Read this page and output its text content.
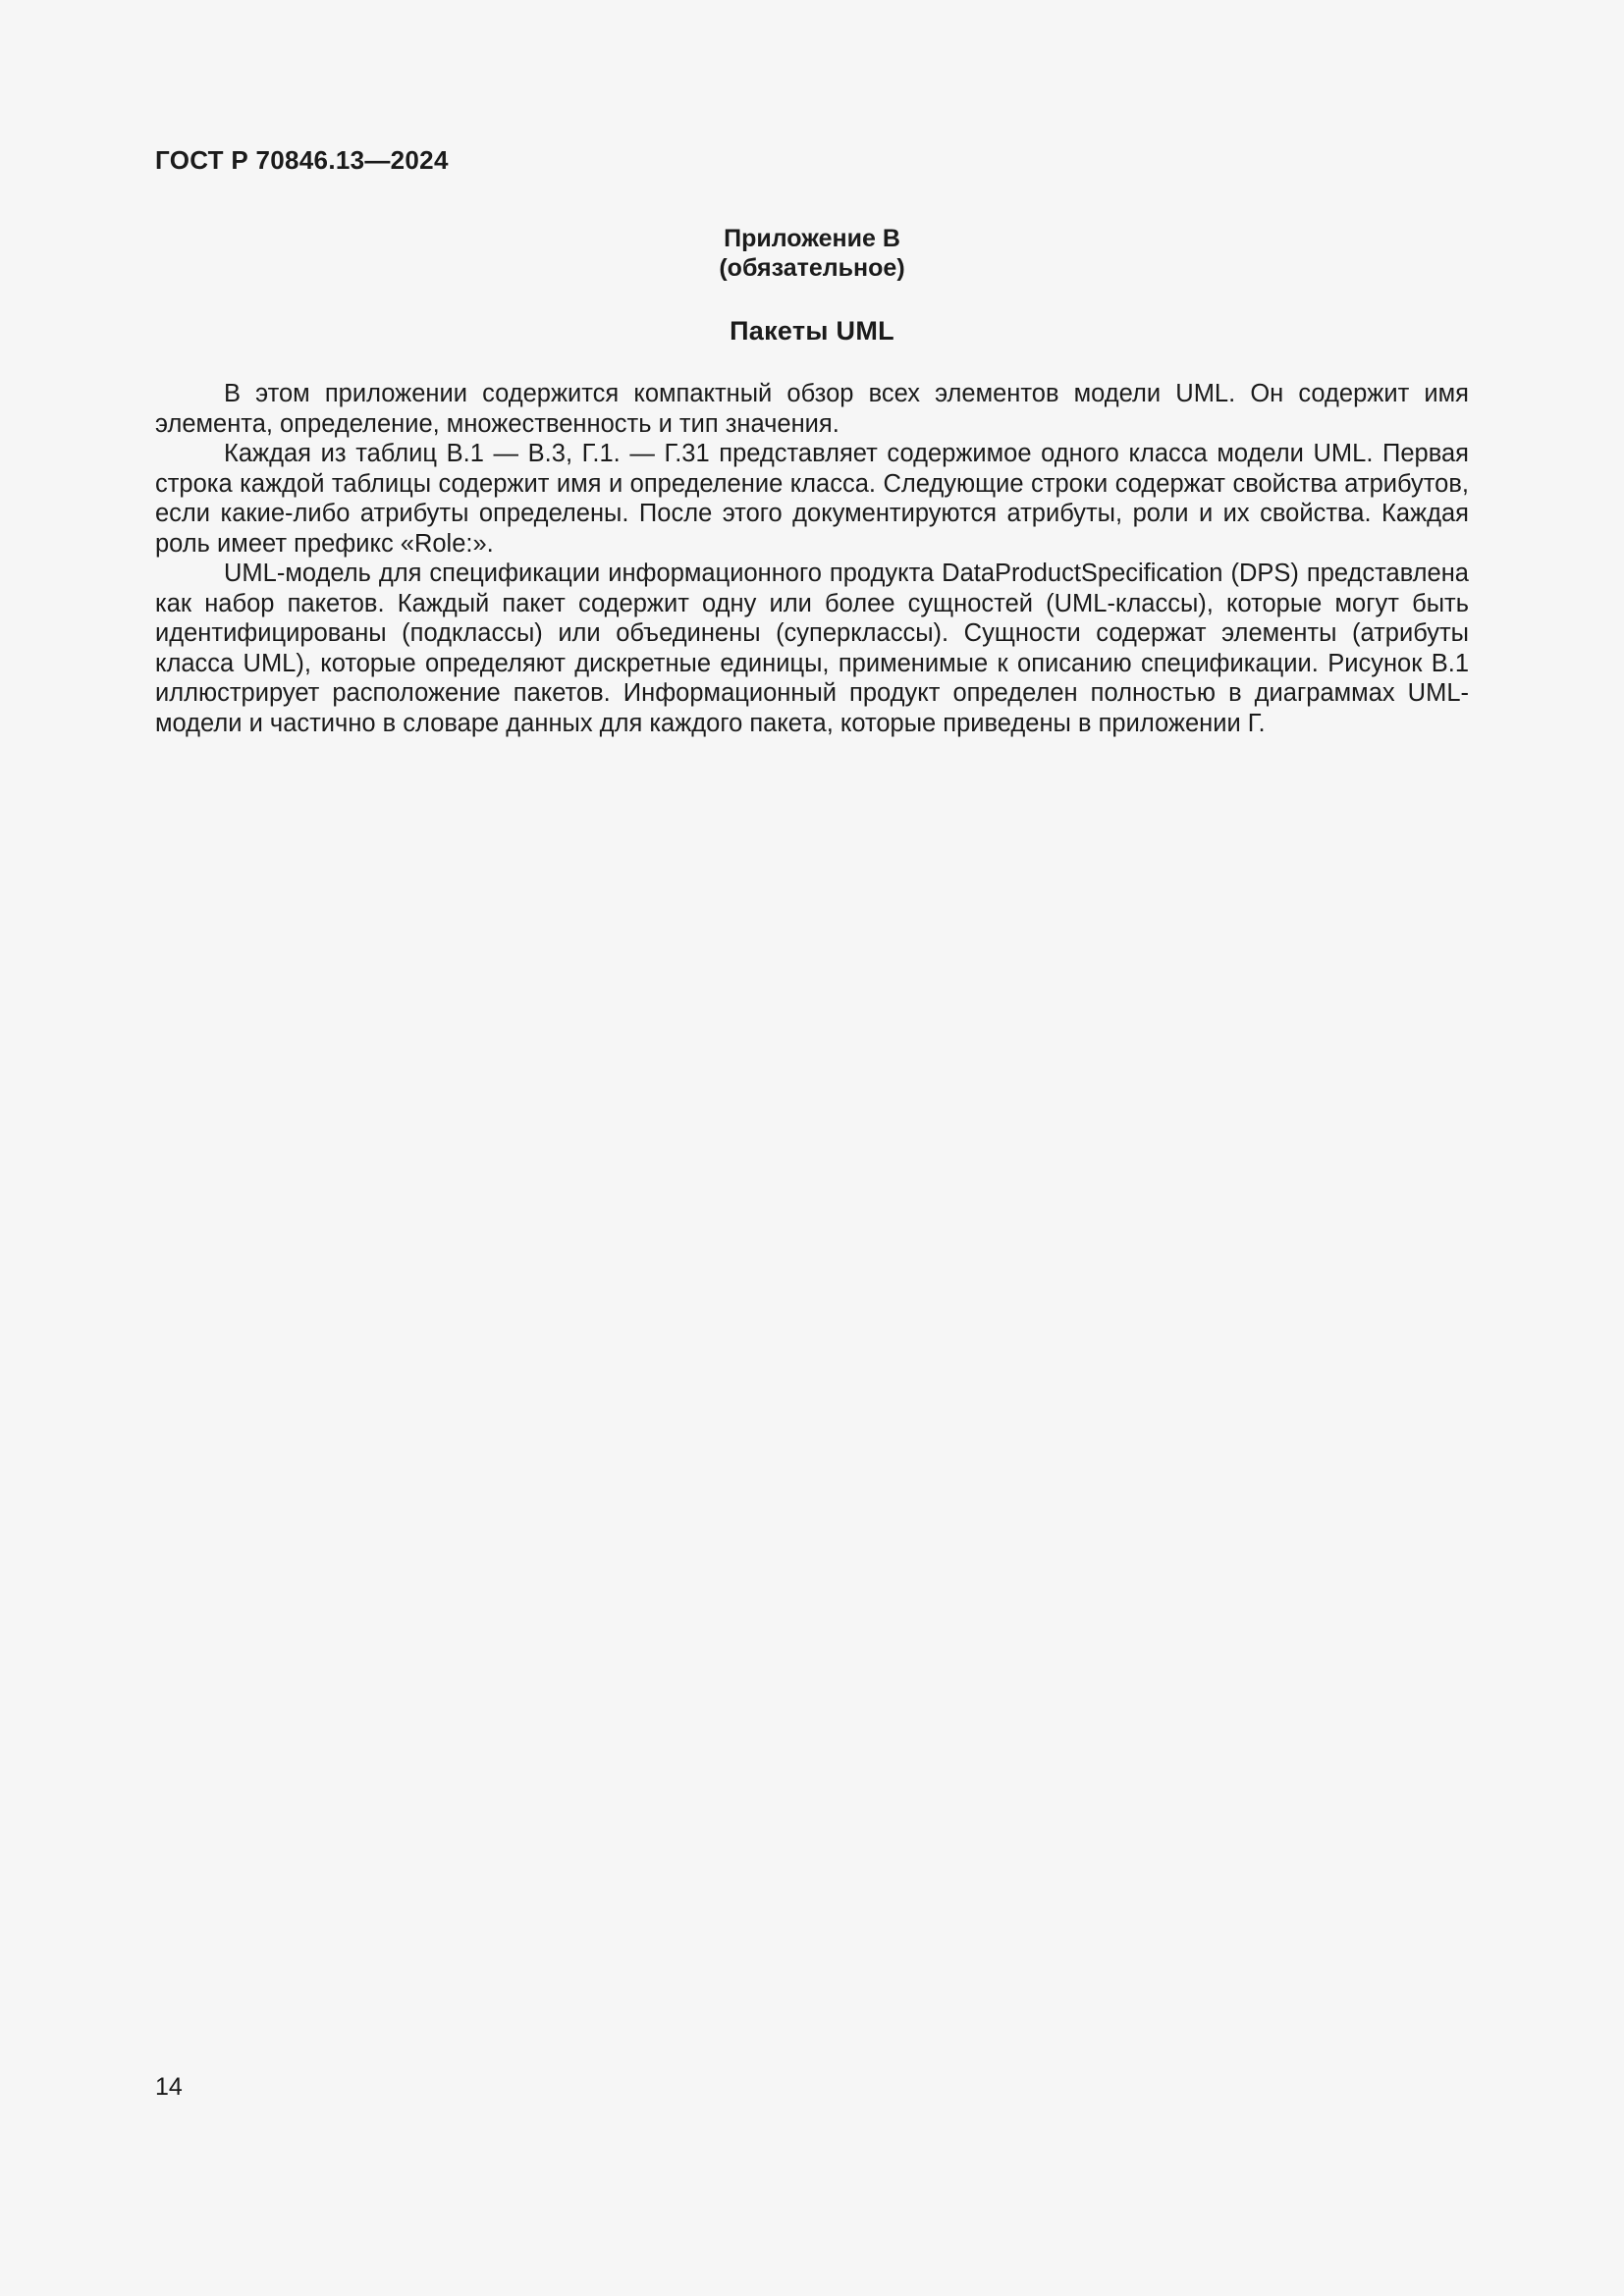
ГОСТ Р 70846.13—2024
Приложение В
(обязательное)
Пакеты UML

В этом приложении содержится компактный обзор всех элементов модели UML. Он содержит имя элемента, определение, множественность и тип значения.

Каждая из таблиц В.1 — В.3, Г.1. — Г.31 представляет содержимое одного класса модели UML. Первая строка каждой таблицы содержит имя и определение класса. Следующие строки содержат свойства атрибутов, если какие-либо атрибуты определены. После этого документируются атрибуты, роли и их свойства. Каждая роль имеет префикс «Role:».

UML-модель для спецификации информационного продукта DataProductSpecification (DPS) представлена как набор пакетов. Каждый пакет содержит одну или более сущностей (UML-классы), которые могут быть идентифицированы (подклассы) или объединены (суперклассы). Сущности содержат элементы (атрибуты класса UML), которые определяют дискретные единицы, применимые к описанию спецификации. Рисунок В.1 иллюстрирует расположение пакетов. Информационный продукт определен полностью в диаграммах UML-модели и частично в словаре данных для каждого пакета, которые приведены в приложении Г.

14
